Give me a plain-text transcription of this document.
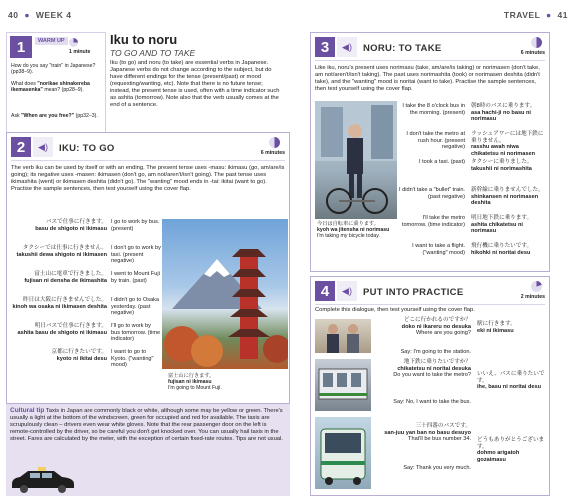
40 ● WEEK 4	TRAVEL ● 41
1	WARM UP
1 minute
How do you say "train" in Japanese? (pp38–9).
What does "norikae shinakereba ikemasenka" mean? (pp28–9).
Ask "When are you free?" (pp32–3).
Iku to noru
TO GO AND TO TAKE
Iku (to go) and noru (to take) are essential verbs in Japanese. Japanese verbs do not change according to the subject, but do have different endings for the tense (present/past) or mood (requesting/wanting, etc). Note that there is no future tense; instead, the present tense is used, often with a time indicator such as ashita (tomorrow). Note also that the verb usually comes at the end of a sentence.
2	◀)	IKU: TO GO	6 minutes
The verb iku can be used by itself or with an ending. The present tense uses -masu: ikimasu (go, am/are/is going); its negative uses -masen: ikimasen (don't go, am not/aren't/isn't going). The past tense uses ikimashita (went) or ikimasen deshita (didn't go). The "wanting" mood ends in -tai: ikitai (want to go). Practise the sample sentences, then test yourself using the cover flap.
バスで仕事に行きます。
basu de shigoto ni ikimasu
I go to work by bus. (present)
タクシーでは仕事に行きません。
takushii dewa shigoto ni ikimasen
I don't go to work by taxi. (present negative)
富士山に電車で行きました。
fujisan ni densha de ikimashita
I went to Mount Fuji by train. (past)
昨日は大阪に行きませんでした。
kinoh wa osaka ni ikimasen deshita
I didn't go to Osaka yesterday. (past negative)
明日バスで仕事に行きます。
ashita basu de shigoto ni ikimasu
I'll go to work by bus tomorrow. (time indicator)
京都に行きたいです。
kyoto ni ikitai desu
I want to go to Kyoto. ("wanting" mood)
富士山に行きます。
fujisan ni ikimasu
I'm going to Mount Fuji.
Cultural tip Taxis in Japan are commonly black or white, although some may be yellow or green. There's usually a light at the bottom of the windscreen, green for occupied and red for available. The taxis are scrupulously clean – drivers even wear white gloves. Note that the rear passenger door on the left is remote-controlled by the driver, so be careful you don't get knocked over. You can usually hail taxis in the street. Fares are calculated by the meter, with the exception of certain fixed-rate routes. Tips are not usual.
3	◀)	NORU: TO TAKE	6 minutes
Like iku, noru's present uses norimasu (take, am/are/is taking) or norimasen (don't take, am not/aren't/isn't taking). The past uses norimashita (took) or norimasen deshita (didn't take), and the "wanting" mood is noritai (want to take). Practise the sample sentences, then test yourself using the cover flap.
今日は自転車に乗ります。
kyoh wa jitensha ni norimasu
I'm taking my bicycle today.
I take the 8 o'clock bus in the morning. (present)
朝8時のバスに乗ります。
asa hachi-ji no basu ni norimasu
I don't take the metro at rush hour. (present negative)
ラッシュアワーには地下鉄に乗りません。
rasshu awah niwa chikatetsu ni norimasen
I took a taxi. (past) タクシーに乗りました。
takushii ni norimashita
I didn't take a "bullet" train. (past negative)
新幹線に乗りませんでした。
shinkansen ni norimasen deshita
I'll take the metro tomorrow. (time indicator)
明日地下鉄に乗ります。
ashita chikatetsu ni norimasu
I want to take a flight. ("wanting" mood)
飛行機に乗りたいです。
hikohki ni noritai desu
4	◀)	PUT INTO PRACTICE	2 minutes
Complete this dialogue, then test yourself using the cover flap.
どこに行かれるのですか？
doko ni ikareru no desuka
Where are you going?
Say: I'm going to the station.
駅に行きます。
eki ni ikimasu
地下鉄に乗りたいですか？
chikatetsu ni noritai desuka
Do you want to take the metro?
Say: No, I want to take the bus.
いいえ、バスに乗りたいです。
ihe, basu ni noritai desu
三十四番のバスです。
san-juu yan ban no basu desuyo
That'll be bus number 34.
Say: Thank you very much.
どうもありがとうございます。
dohmo arigatoh gozaimasu
